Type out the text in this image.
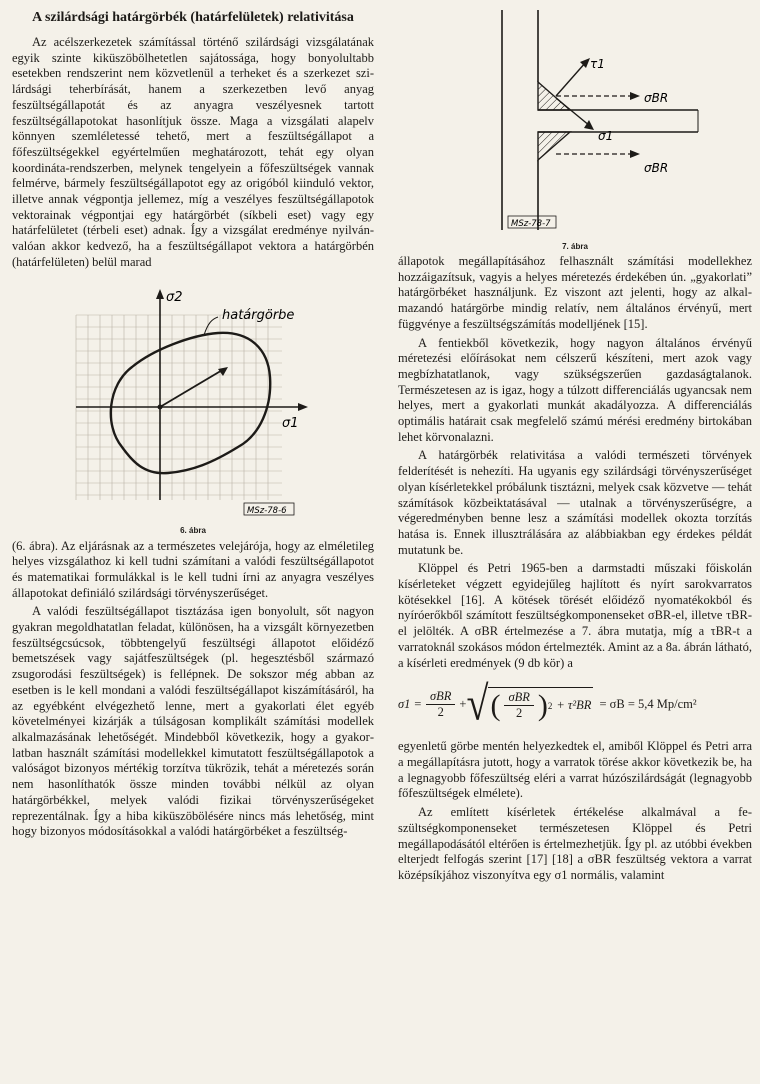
A szilárdsági határgörbék (határfelületek) relativitása

Az acélszerkezetek számítással történő szilárdsági vizsgálatának egyik szinte kiküszöbölhetetlen sajátossága, hogy bonyolultabb esetekben rendszerint nem közvetlenül a terheket és a szerkezet szilárdsági teherbírását, hanem a szerkezetben levő anyag feszültségállapotát és az anyagra veszélyesnek tartott feszültségállapotokat hasonlítjuk össze. Maga a vizsgálati alapelv könnyen szemléletessé tehető, mert a feszültségállapot a főfeszültségekkel egyértelműen meghatározott, tehát egy olyan koordináta-rendszerben, melynek tengelyein a főfeszültségek vannak felmérve, bármely feszültségállapotot egy az origóból kiinduló vektor, illetve annak végpontja jellemez, míg a veszélyes feszültségállapotok vektorainak végpontjai egy határgörbét (síkbeli eset) vagy egy határfelületet (térbeli eset) adnak. Így a vizsgálat eredménye nyilvánvalóan akkor kedvező, ha a feszültségállapot vektora a határgörbén (határfelületen) belül marad

határgörbe
σ2
σ1
MSz-78-6
6. ábra

(6. ábra). Az eljárásnak az a természetes velejárója, hogy az elméletileg helyes vizsgálathoz ki kell tudni számítani a valódi feszültségállapotot és matematikai formulákkal is le kell tudni írni az anyagra veszélyes állapotokat definiáló szilárdsági törvényszerűséget.

A valódi feszültségállapot tisztázása igen bonyolult, sőt nagyon gyakran megoldhatatlan feladat, különösen, ha a vizsgált környezetben feszültségcsúcsok, többtengelyű feszültségi állapotot előidéző bemetszések vagy sajátfeszültségek (pl. hegesztésből származó zsugorodási feszültségek) is fellépnek. De sokszor még abban az esetben is le kell mondani a valódi feszültségállapot kiszámításáról, ha az egyébként elvégezhető lenne, mert a gyakorlati élet egyéb követelményei kizárják a túlságosan komplikált számítási modellek alkalmazásának lehetőségét. Mindebből következik, hogy a gyakorlatban használt számítási modellekkel kimutatott feszültségállapotok a valóságot bizonyos mértékig torzítva tükrözik, tehát a méretezés során nem hasonlíthatók össze minden további nélkül az olyan határgörbékkel, melyek valódi fizikai törvényszerűségeket reprezentálnak. Így a hiba kiküszöbölésére nincs más lehetőség, mint hogy bizonyos módosításokkal a valódi határgörbéket a feszültség-

τ1
σBR
σ1
σBR
MSz-78-7
7. ábra

állapotok megállapításához felhasznált számítási modellekhez hozzáigazítsuk, vagyis a helyes méretezés érdekében ún. „gyakorlati” határgörbéket használjunk. Ez viszont azt jelenti, hogy az alkalmazandó határgörbe mindig relatív, nem általános érvényű, mert függvénye a feszültségszámítás modelljének [15].

A fentiekből következik, hogy nagyon általános érvényű méretezési előírásokat nem célszerű készíteni, mert azok vagy megbízhatatlanok, vagy szükségszerűen gazdaságtalanok. Természetesen az is igaz, hogy a túlzott differenciálás ugyancsak nem helyes, mert a gyakorlati munkát akadályozza. A differenciálás optimális határait csak megfelelő számú mérési eredmény birtokában lehet körvonalazni.

A határgörbék relativitása a valódi természeti törvények felderítését is nehezíti. Ha ugyanis egy szilárdsági törvényszerűséget olyan kísérletekkel próbálunk tisztázni, melyek csak közvetve — tehát számítások közbeiktatásával — utalnak a törvényszerűségre, a végeredményben benne lesz a számítási modellek okozta torzítás hatása is. Ennek illusztrálására az alábbiakban egy érdekes példát mutatunk be.

Klöppel és Petri 1965-ben a darmstadti műszaki főiskolán kísérleteket végzett egyidejűleg hajlított és nyírt sarokvarratos kötésekkel [16]. A kötések törését előidéző nyomatékokból és nyíróerőkből számított feszültségkomponenseket σBR-el, illetve τBR-el jelölték. A σBR értelmezése a 7. ábra mutatja, míg a τBR-t a varratoknál szokásos módon értelmezték. Amint az a 8a. ábrán látható, a kísérleti eredmények (9 db kör) a

$\sigma 1 = \frac{\text{σBR}}{2}$ + √ ( $\frac{\text{σBR}}{2}$ ) 2 + τ²BR = σB = 5,4 Mp/cm²

egyenletű görbe mentén helyezkedtek el, amiből Klöppel és Petri arra a megállapításra jutott, hogy a varratok törése akkor következik be, ha a legnagyobb főfeszültség eléri a varrat húzószilárdságát (legnagyobb főfeszültségek elmélete).

Az említett kísérletek értékelése alkalmával a feszültségkomponenseket természetesen Klöppel és Petri megállapodásától eltérően is értelmezhetjük. Így pl. az utóbbi években elterjedt felfogás szerint [17] [18] a σBR feszültség vektora a varrat középsíkjához viszonyítva egy σ1 normális, valamint
